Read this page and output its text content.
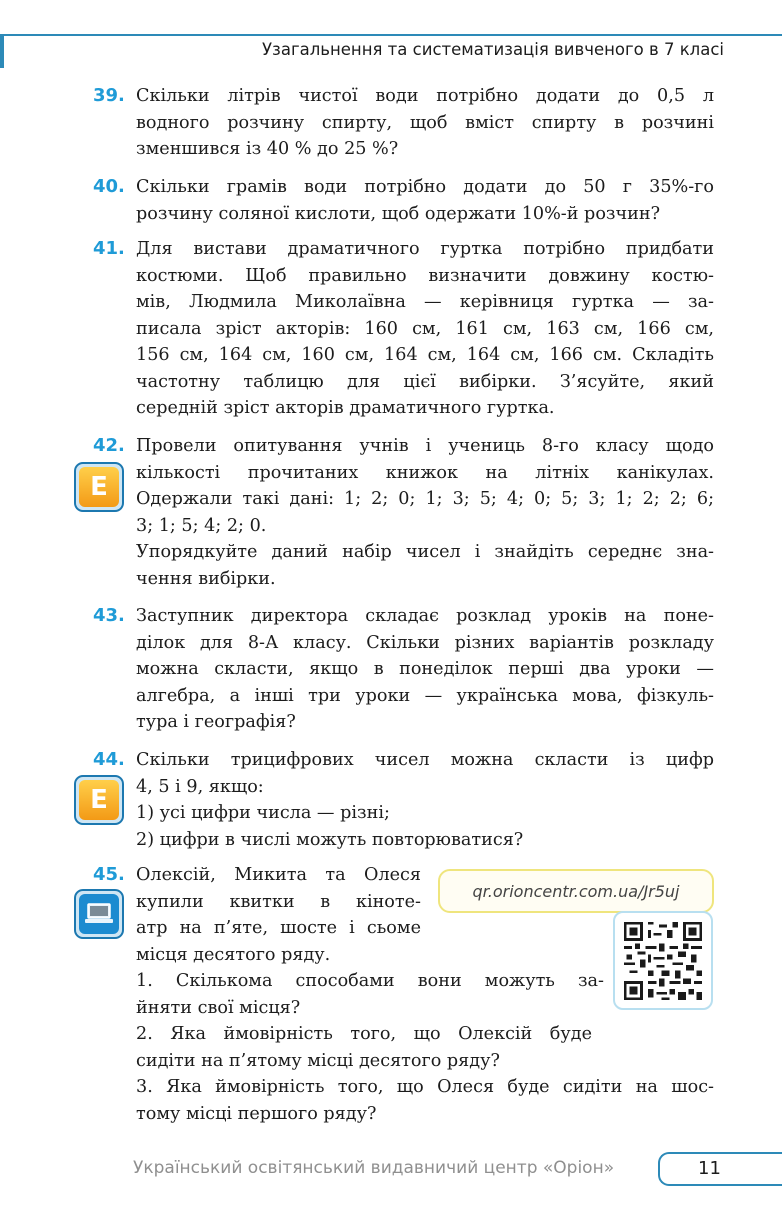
Узагальнення та систематизація вивченого в 7 класі
39. Скільки літрів чистої води потрібно додати до 0,5 л
водного розчину спирту, щоб вміст спирту в розчині
зменшився із 40 % до 25 %?
40. Скільки грамів води потрібно додати до 50 г 35%-го
розчину соляної кислоти, щоб одержати 10%-й розчин?
41. Для вистави драматичного гуртка потрібно придбати
костюми. Щоб правильно визначити довжину костю-
мів, Людмила Миколаївна — керівниця гуртка — за-
писала зріст акторів: 160 см, 161 см, 163 см, 166 см,
156 см, 164 см, 160 см, 164 см, 164 см, 166 см. Складіть
частотну таблицю для цієї вибірки. З’ясуйте, який
середній зріст акторів драматичного гуртка.
42. Провели опитування учнів і учениць 8-го класу щодо
кількості прочитаних книжок на літніх канікулах.
Одержали такі дані: 1; 2; 0; 1; 3; 5; 4; 0; 5; 3; 1; 2; 2; 6;
3; 1; 5; 4; 2; 0.
Упорядкуйте даний набір чисел і знайдіть середнє зна-
чення вибірки.
E
43. Заступник директора складає розклад уроків на поне-
ділок для 8-А класу. Скільки різних варіантів розкладу
можна скласти, якщо в понеділок перші два уроки —
алгебра, а інші три уроки — українська мова, фізкуль-
тура і географія?
44. Скільки трицифрових чисел можна скласти із цифр
4, 5 і 9, якщо:
1) усі цифри числа — різні;
2) цифри в числі можуть повторюватися?
E
45. Олексій, Микита та Олеся
купили квитки в кіноте-
атр на п’яте, шосте і сьоме
місця десятого ряду.
1. Скількома способами вони можуть за-
йняти свої місця?
2. Яка ймовірність того, що Олексій буде
сидіти на п’ятому місці десятого ряду?
3. Яка ймовірність того, що Олеся буде сидіти на шос-
тому місці першого ряду?
qr.orioncentr.com.ua/Jr5uj
Український освітянський видавничий центр «Оріон»	11
